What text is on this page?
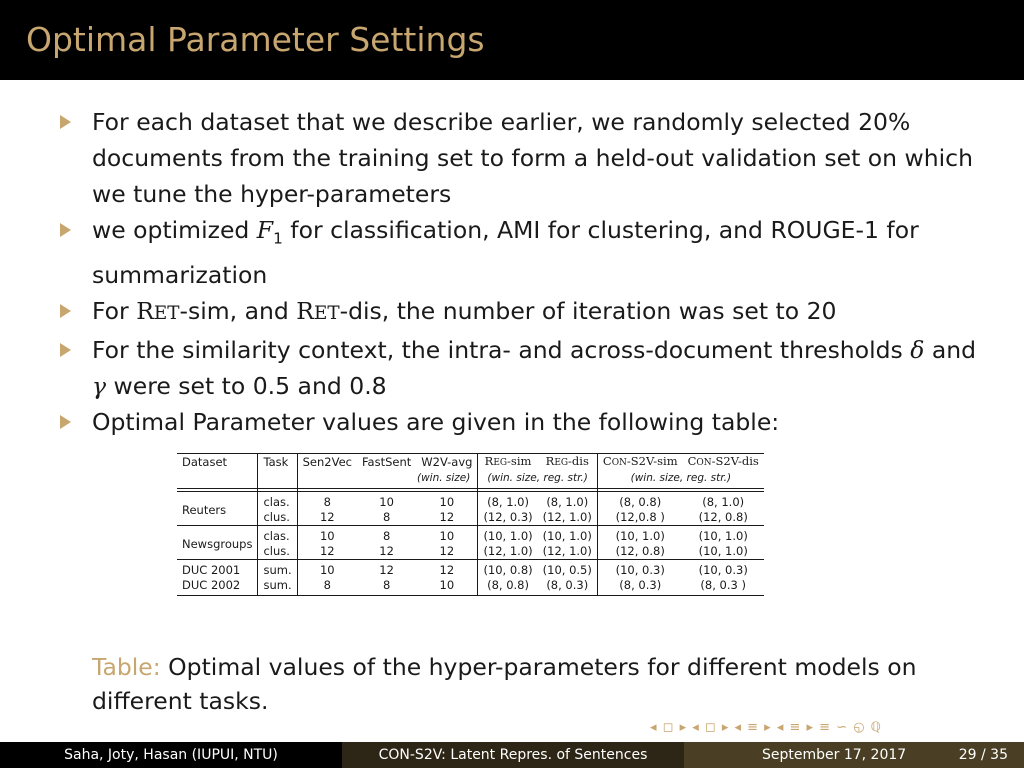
Optimal Parameter Settings
For each dataset that we describe earlier, we randomly selected 20% documents from the training set to form a held-out validation set on which we tune the hyper-parameters
we optimized $F_1$ for classification, AMI for clustering, and ROUGE-1 for summarization
For RET-sim, and RET-dis, the number of iteration was set to 20
For the similarity context, the intra- and across-document thresholds δ and γ were set to 0.5 and 0.8
Optimal Parameter values are given in the following table:
Dataset	Task	Sen2Vec	FastSent	W2V-avg	REG-sim	REG-dis	CON-S2V-sim	CON-S2V-dis
			(win. size)		(win. size, reg. str.)		(win. size, reg. str.)	

Reuters	clas.	8	10	10	(8, 1.0)	(8, 1.0)	(8, 0.8)	(8, 1.0)
	clus.	12	8	12	(12, 0.3)	(12, 1.0)	(12,0.8 )	(12, 0.8)
Newsgroups	clas.	10	8	10	(10, 1.0)	(10, 1.0)	(10, 1.0)	(10, 1.0)
	clus.	12	12	12	(12, 1.0)	(12, 1.0)	(12, 0.8)	(10, 1.0)
DUC 2001	sum.	10	12	12	(10, 0.8)	(10, 0.5)	(10, 0.3)	(10, 0.3)
DUC 2002	sum.	8	8	10	(8, 0.8)	(8, 0.3)	(8, 0.3)	(8, 0.3 )
Table: Optimal values of the hyper-parameters for different models on different tasks.
◂ ◻ ▸ ◂ ◻ ▸ ◂ ≡ ▸ ◂ ≡ ▸ ≡ ∽ ◵ ℚ
Saha, Joty, Hasan (IUPUI, NTU)	CON-S2V: Latent Repres. of Sentences	September 17, 2017	29 / 35
